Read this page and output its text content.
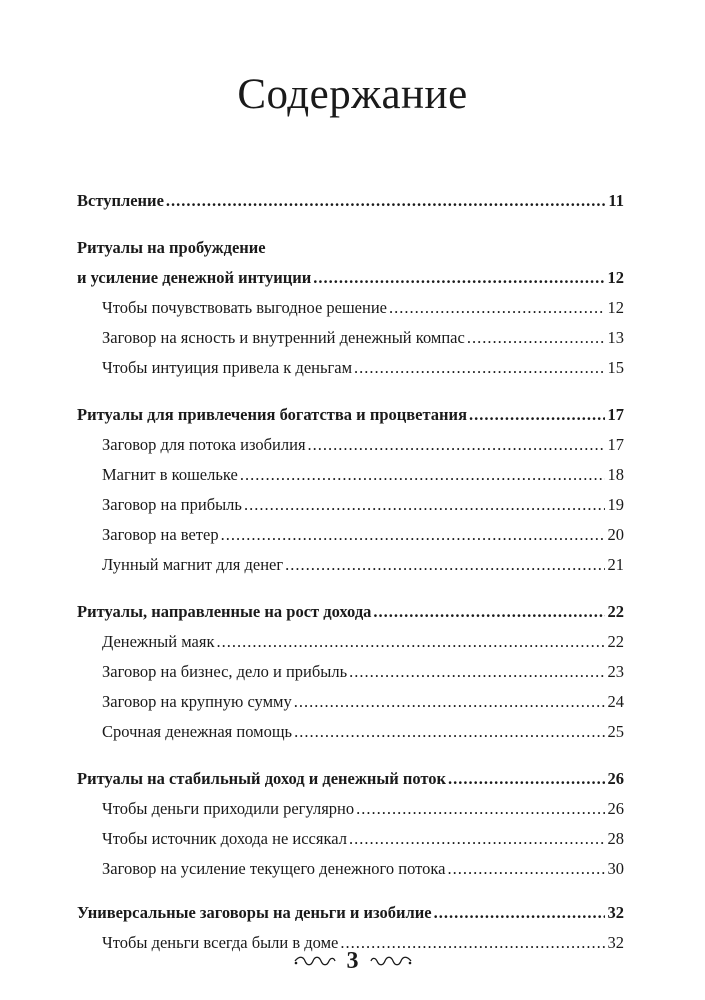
Содержание
Вступление .....	11
Ритуалы на пробуждение
и усиление денежной интуиции .....	12
Чтобы почувствовать выгодное решение .....	12
Заговор на ясность и внутренний денежный компас .....	13
Чтобы интуиция привела к деньгам .....	15
Ритуалы для привлечения богатства и процветания .....	17
Заговор для потока изобилия .....	17
Магнит в кошельке .....	18
Заговор на прибыль .....	19
Заговор на ветер .....	20
Лунный магнит для денег .....	21
Ритуалы, направленные на рост дохода .....	22
Денежный маяк .....	22
Заговор на бизнес, дело и прибыль .....	23
Заговор на крупную сумму .....	24
Срочная денежная помощь .....	25
Ритуалы на стабильный доход и денежный поток .....	26
Чтобы деньги приходили регулярно .....	26
Чтобы источник дохода не иссякал .....	28
Заговор на усиление текущего денежного потока .....	30
Универсальные заговоры на деньги и изобилие .....	32
Чтобы деньги всегда были в доме .....	32
3
